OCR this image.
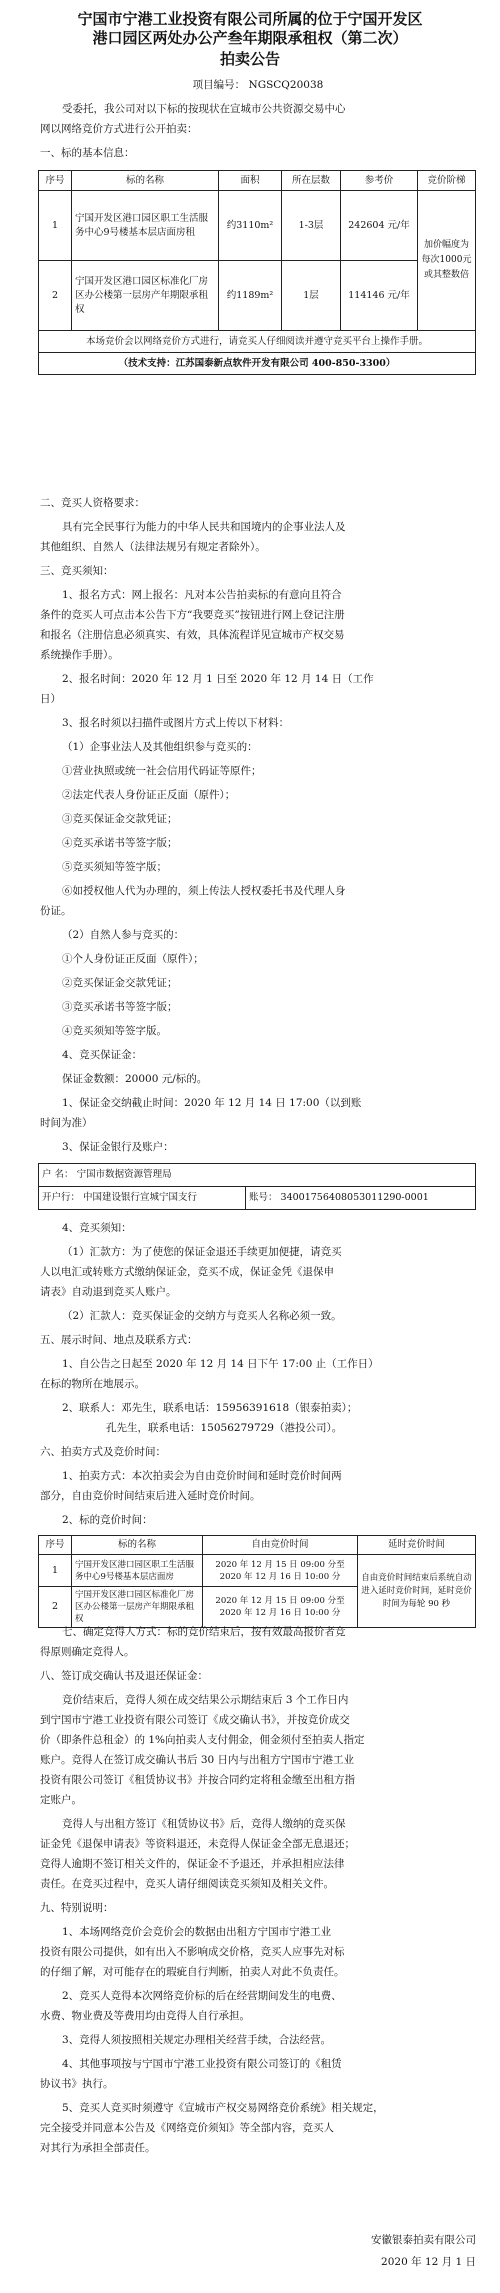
宁国市宁港工业投资有限公司所属的位于宁国开发区
港口园区两处办公产叁年期限承租权（第二次）
拍卖公告
项目编号： NGSCQ20038
受委托，我公司对以下标的按现状在宣城市公共资源交易中心
网以网络竞价方式进行公开拍卖：
一、标的基本信息：
序号	标的名称	面积	所在层数	参考价	竞价阶梯
1	宁国开发区港口园区职工生活服务中心9号楼基本层店面房租	约3110m²	1-3层	242604 元/年	加价幅度为每次1000元或其整数倍
2	宁国开发区港口园区标准化厂房区办公楼第一层房产年期限承租权	约1189m²	1层	114146 元/年	
本场竞价会以网络竞价方式进行，请竞买人仔细阅读并遵守竞买平台上操作手册。					
（技术支持：江苏国泰新点软件开发有限公司 400-850-3300）					
二、竞买人资格要求：
具有完全民事行为能力的中华人民共和国境内的企事业法人及
其他组织、自然人（法律法规另有规定者除外）。
三、竞买须知：
1、报名方式：网上报名：凡对本公告拍卖标的有意向且符合
条件的竞买人可点击本公告下方“我要竞买”按钮进行网上登记注册
和报名（注册信息必须真实、有效，具体流程详见宣城市产权交易
系统操作手册）。
2、报名时间：2020 年 12 月 1 日至 2020 年 12 月 14 日（工作
日）
3、报名时须以扫描件或图片方式上传以下材料：
（1）企事业法人及其他组织参与竞买的：
①营业执照或统一社会信用代码证等原件；
②法定代表人身份证正反面（原件）；
③竞买保证金交款凭证；
④竞买承诺书等签字版；
⑤竞买须知等签字版；
⑥如授权他人代为办理的，须上传法人授权委托书及代理人身
份证。
（2）自然人参与竞买的：
①个人身份证正反面（原件）；
②竞买保证金交款凭证；
③竞买承诺书等签字版；
④竞买须知等签字版。
4、竞买保证金：
保证金数额：20000 元/标的。
1、保证金交纳截止时间：2020 年 12 月 14 日 17:00（以到账
时间为准）
3、保证金银行及账户：
户 名： 宁国市数据资源管理局
开户行： 中国建设银行宣城宁国支行	账号： 34001756408053011290-0001
4、竞买须知：
（1）汇款方：为了使您的保证金退还手续更加便捷，请竞买
人以电汇或转账方式缴纳保证金，竞买不成，保证金凭《退保申
请表》自动退到竞买人账户。
（2）汇款人：竞买保证金的交纳方与竞买人名称必须一致。
五、展示时间、地点及联系方式：
1、自公告之日起至 2020 年 12 月 14 日下午 17:00 止（工作日）
在标的物所在地展示。
2、联系人：邓先生，联系电话：15956391618（银泰拍卖）；
孔先生，联系电话：15056279729（港投公司）。
六、拍卖方式及竞价时间：
1、拍卖方式：本次拍卖会为自由竞价时间和延时竞价时间两
部分，自由竞价时间结束后进入延时竞价时间。
2、标的竞价时间：
序号	标的名称	自由竞价时间	延时竞价时间
1	宁国开发区港口园区职工生活服务中心9号楼基本层店面房	2020 年 12 月 15 日 09:00 分至 2020 年 12 月 16 日 10:00 分	自由竞价时间结束后系统自动进入延时竞价时间，延时竞价时间为每轮 90 秒
2	宁国开发区港口园区标准化厂房区办公楼第一层房产年期限承租权	2020 年 12 月 15 日 09:00 分至 2020 年 12 月 16 日 10:00 分	
七、确定竞得人方式：标的竞价结束后，按有效最高报价者竞
得原则确定竞得人。
八、签订成交确认书及退还保证金：
竞价结束后，竞得人须在成交结果公示期结束后 3 个工作日内
到宁国市宁港工业投资有限公司签订《成交确认书》，并按竞价成交
价（即条件总租金）的 1%向拍卖人支付佣金，佣金须付至拍卖人指定
账户。竞得人在签订成交确认书后 30 日内与出租方宁国市宁港工业
投资有限公司签订《租赁协议书》并按合同约定将租金缴至出租方指
定账户。
竞得人与出租方签订《租赁协议书》后，竞得人缴纳的竞买保
证金凭《退保申请表》等资料退还，未竞得人保证金全部无息退还；
竞得人逾期不签订相关文件的，保证金不予退还，并承担相应法律
责任。在竞买过程中，竞买人请仔细阅读竞买须知及相关文件。
九、特别说明：
1、本场网络竞价会竞价会的数据由出租方宁国市宁港工业
投资有限公司提供，如有出入不影响成交价格，竞买人应事先对标
的仔细了解，对可能存在的瑕疵自行判断，拍卖人对此不负责任。
2、竞买人竞得本次网络竞价标的后在经营期间发生的电费、
水费、物业费及等费用均由竞得人自行承担。
3、竞得人须按照相关规定办理相关经营手续，合法经营。
4、其他事项按与宁国市宁港工业投资有限公司签订的《租赁
协议书》执行。
5、竞买人竞买时须遵守《宣城市产权交易网络竞价系统》相关规定，
完全接受并同意本公告及《网络竞价须知》等全部内容，竞买人
对其行为承担全部责任。
安徽银泰拍卖有限公司
2020 年 12 月 1 日
